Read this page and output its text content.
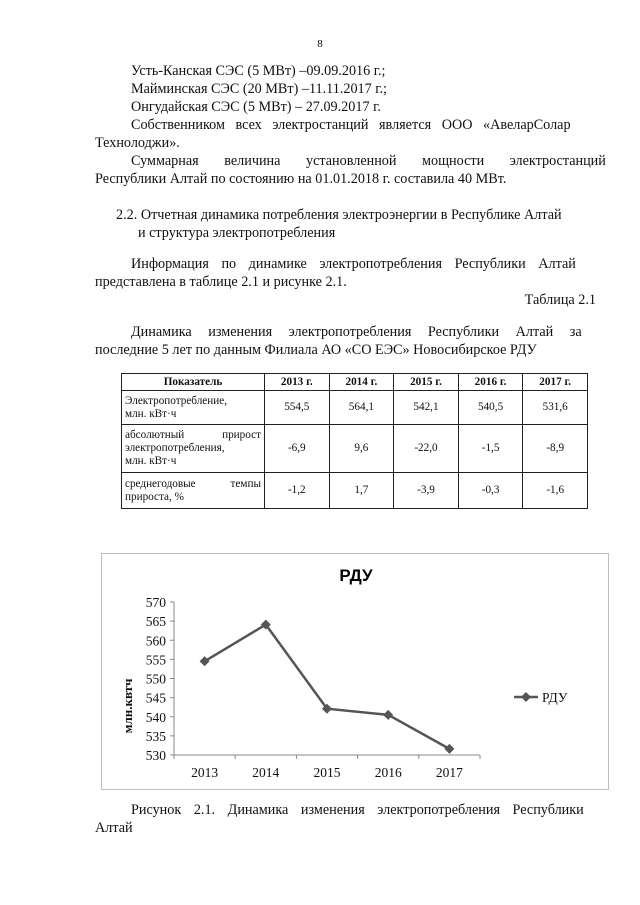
8
Усть-Канская СЭС (5 МВт) –09.09.2016 г.;
Майминская СЭС (20 МВт) –11.11.2017 г.;
Онгудайская СЭС (5 МВт) – 27.09.2017 г.
Собственником всех электростанций является ООО «АвеларСолар
Технолоджи».
Суммарная величина установленной мощности электростанций
Республики Алтай по состоянию на 01.01.2018 г. составила 40 МВт.
2.2. Отчетная динамика потребления электроэнергии в Республике Алтай
и структура электропотребления
Информация по динамике электропотребления Республики Алтай
представлена в таблице 2.1 и рисунке 2.1.
Таблица 2.1
Динамика изменения электропотребления Республики Алтай за
последние 5 лет по данным Филиала АО «СО ЕЭС» Новосибирское РДУ
Показатель	2013 г.	2014 г.	2015 г.	2016 г.	2017 г.

Электропотребление,
млн. кВт·ч	554,5	564,1	542,1	540,5	531,6

абсолютный прирост
электропотребления,
млн. кВт·ч	-6,9	9,6	-22,0	-1,5	-8,9

среднегодовые темпы
прироста, %	-1,2	1,7	-3,9	-0,3	-1,6
РДУ
млн.квтч
530
535
540
545
550
555
560
565
570
2013	2014	2015	2016	2017
РДУ
Рисунок 2.1. Динамика изменения электропотребления Республики
Алтай
